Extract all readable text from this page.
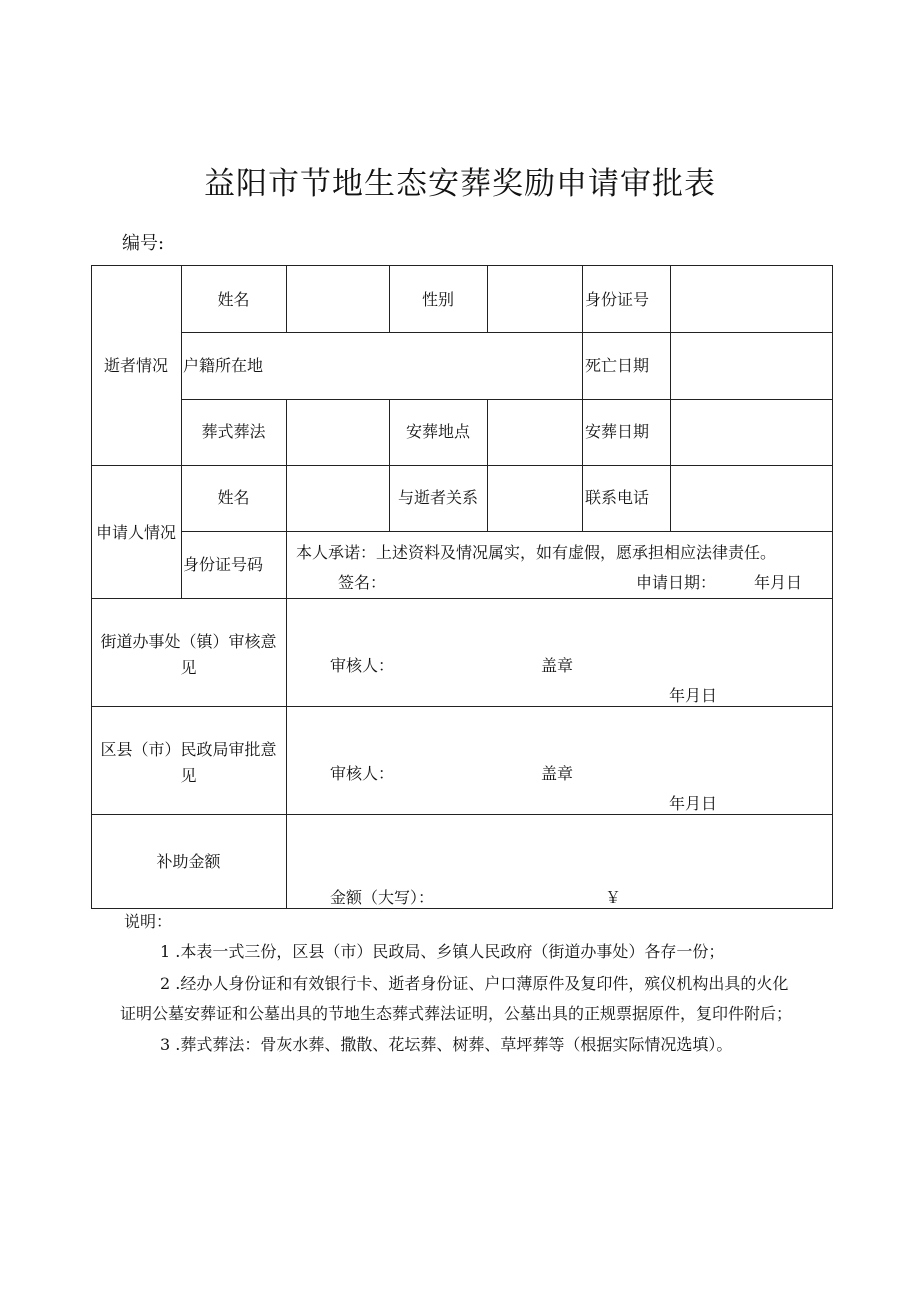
益阳市节地生态安葬奖励申请审批表
编号:
逝者情况
姓名	性别	身份证号
户籍所在地	死亡日期
葬式葬法	安葬地点	安葬日期
申请人情况
姓名	与逝者关系	联系电话
身份证号码
本人承诺：上述资料及情况属实，如有虚假，愿承担相应法律责任。
签名：	申请日期： 年月日
街道办事处（镇）审核意
见	审核人：	盖章
年月日
区县（市）民政局审批意
见	审核人：	盖章
年月日
补助金额
金额（大写）：	￥
说明：
1 .本表一式三份，区县（市）民政局、乡镇人民政府（街道办事处）各存一份；
2 .经办人身份证和有效银行卡、逝者身份证、户口薄原件及复印件，殡仪机构出具的火化
证明公墓安葬证和公墓出具的节地生态葬式葬法证明，公墓出具的正规票据原件，复印件附后；
3 .葬式葬法：骨灰水葬、撒散、花坛葬、树葬、草坪葬等（根据实际情况选填）。
